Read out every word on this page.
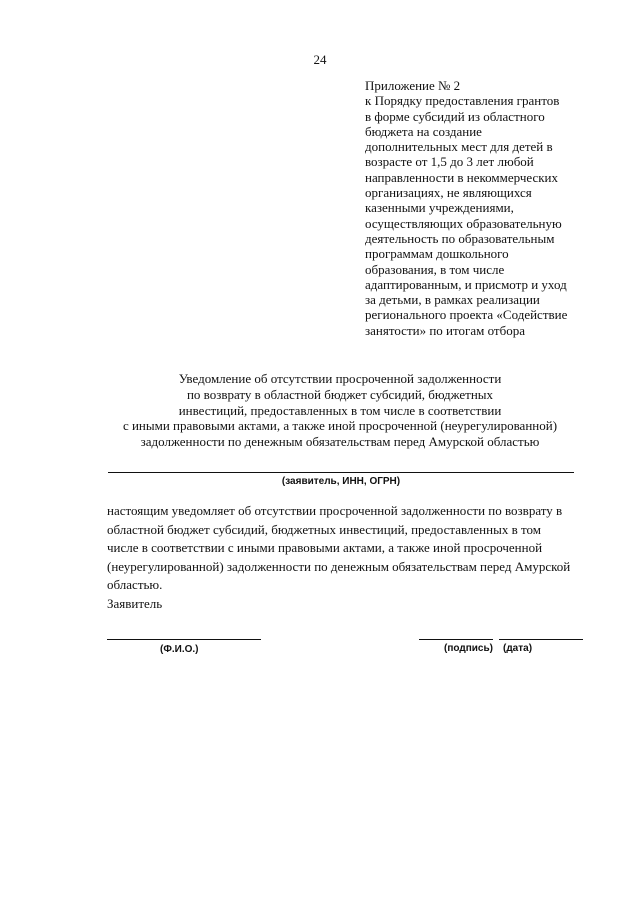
24
Приложение № 2
к Порядку предоставления грантов
в форме субсидий из областного
бюджета на создание
дополнительных мест для детей в
возрасте от 1,5 до 3 лет любой
направленности в некоммерческих
организациях, не являющихся
казенными учреждениями,
осуществляющих образовательную
деятельность по образовательным
программам дошкольного
образования, в том числе
адаптированным, и присмотр и уход
за детьми, в рамках реализации
регионального проекта «Содействие
занятости» по итогам отбора
Уведомление об отсутствии просроченной задолженности
по возврату в областной бюджет субсидий, бюджетных
инвестиций, предоставленных в том числе в соответствии
с иными правовыми актами, а также иной просроченной (неурегулированной)
задолженности по денежным обязательствам перед Амурской областью
(заявитель, ИНН, ОГРН)
настоящим уведомляет об отсутствии просроченной задолженности по возврату в
областной бюджет субсидий, бюджетных инвестиций, предоставленных в том
числе в соответствии с иными правовыми актами, а также иной просроченной
(неурегулированной) задолженности по денежным обязательствам перед Амурской
областью.
Заявитель
(Ф.И.О.)	(подпись) (дата)
